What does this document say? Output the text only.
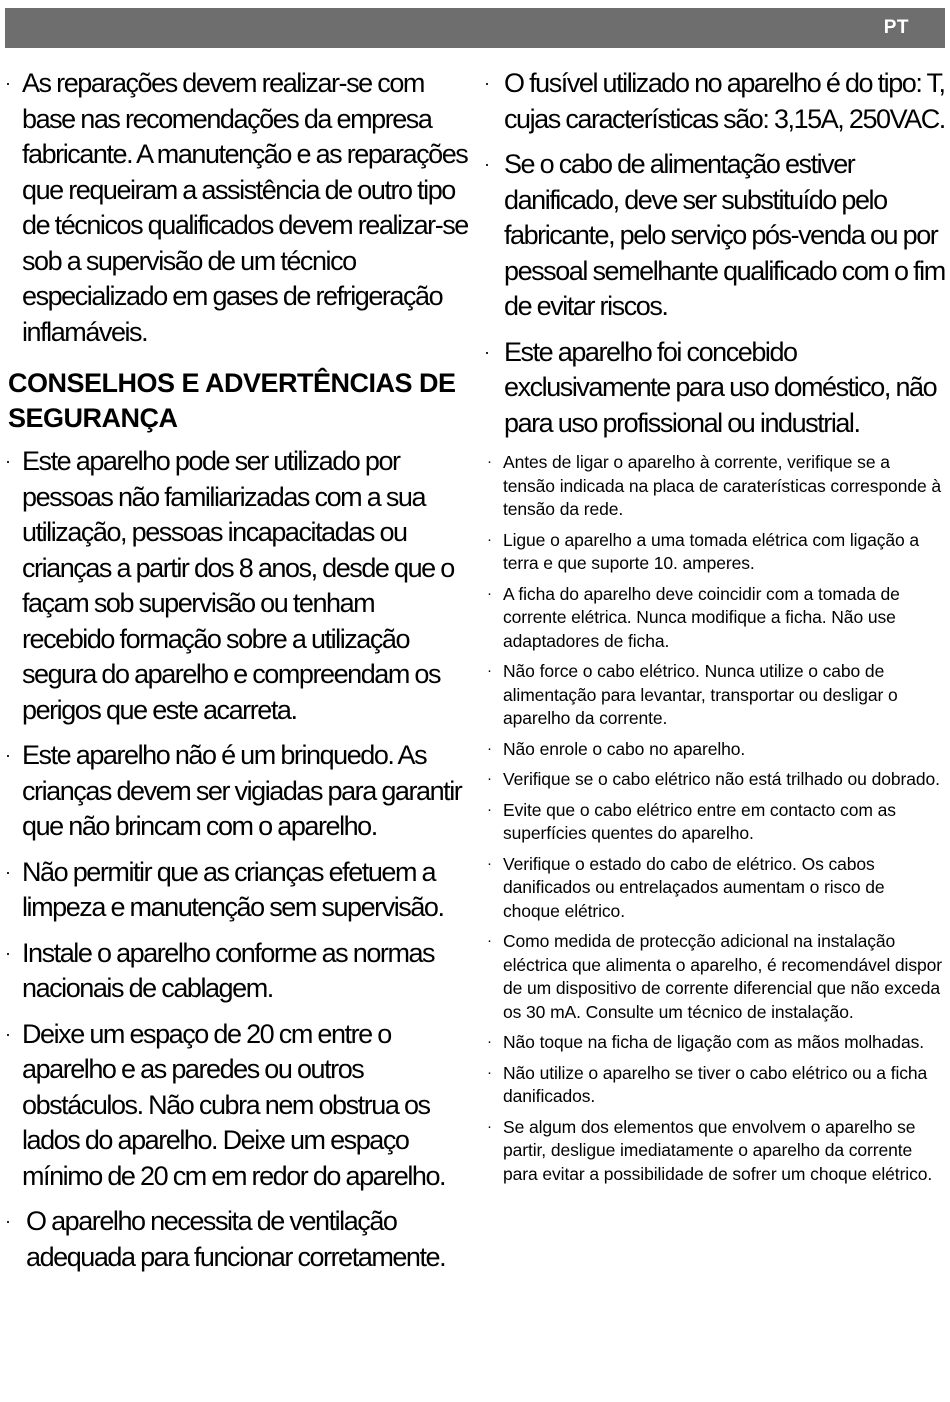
PT
· As reparações devem realizar-se com base nas recomendações da empresa fabricante. A manutenção e as reparações que requeiram a assistência de outro tipo de técnicos qualificados devem realizar-se sob a supervisão de um técnico especializado em gases de refrigeração inflamáveis.
CONSELHOS E ADVERTÊNCIAS DE SEGURANÇA
· Este aparelho pode ser utilizado por pessoas não familiarizadas com a sua utilização, pessoas incapacitadas ou crianças a partir dos 8 anos, desde que o façam sob supervisão ou tenham recebido formação sobre a utilização segura do aparelho e compreendam os perigos que este acarreta.
· Este aparelho não é um brinquedo. As crianças devem ser vigiadas para garantir que não brincam com o aparelho.
· Não permitir que as crianças efetuem a limpeza e manutenção sem supervisão.
· Instale o aparelho conforme as normas nacionais de cablagem.
· Deixe um espaço de 20 cm entre o aparelho e as paredes ou outros obstáculos. Não cubra nem obstrua os lados do aparelho. Deixe um espaço mínimo de 20 cm em redor do aparelho.
· O aparelho necessita de ventilação adequada para funcionar corretamente.
· O fusível utilizado no aparelho é do tipo: T, cujas características são: 3,15A, 250VAC.
· Se o cabo de alimentação estiver danificado, deve ser substituído pelo fabricante, pelo serviço pós-venda ou por pessoal semelhante qualificado com o fim de evitar riscos.
· Este aparelho foi concebido exclusivamente para uso doméstico, não para uso profissional ou industrial.
· Antes de ligar o aparelho à corrente, verifique se a tensão indicada na placa de caraterísticas corresponde à tensão da rede.
· Ligue o aparelho a uma tomada elétrica com ligação a terra e que suporte 10. amperes.
· A ficha do aparelho deve coincidir com a tomada de corrente elétrica. Nunca modifique a ficha. Não use adaptadores de ficha.
· Não force o cabo elétrico. Nunca utilize o cabo de alimentação para levantar, transportar ou desligar o aparelho da corrente.
· Não enrole o cabo no aparelho.
· Verifique se o cabo elétrico não está trilhado ou dobrado.
· Evite que o cabo elétrico entre em contacto com as superfícies quentes do aparelho.
· Verifique o estado do cabo de elétrico. Os cabos danificados ou entrelaçados aumentam o risco de choque elétrico.
· Como medida de protecção adicional na instalação eléctrica que alimenta o aparelho, é recomendável dispor de um dispositivo de corrente diferencial que não exceda os 30 mA. Consulte um técnico de instalação.
· Não toque na ficha de ligação com as mãos molhadas.
· Não utilize o aparelho se tiver o cabo elétrico ou a ficha danificados.
· Se algum dos elementos que envolvem o aparelho se partir, desligue imediatamente o aparelho da corrente para evitar a possibilidade de sofrer um choque elétrico.
